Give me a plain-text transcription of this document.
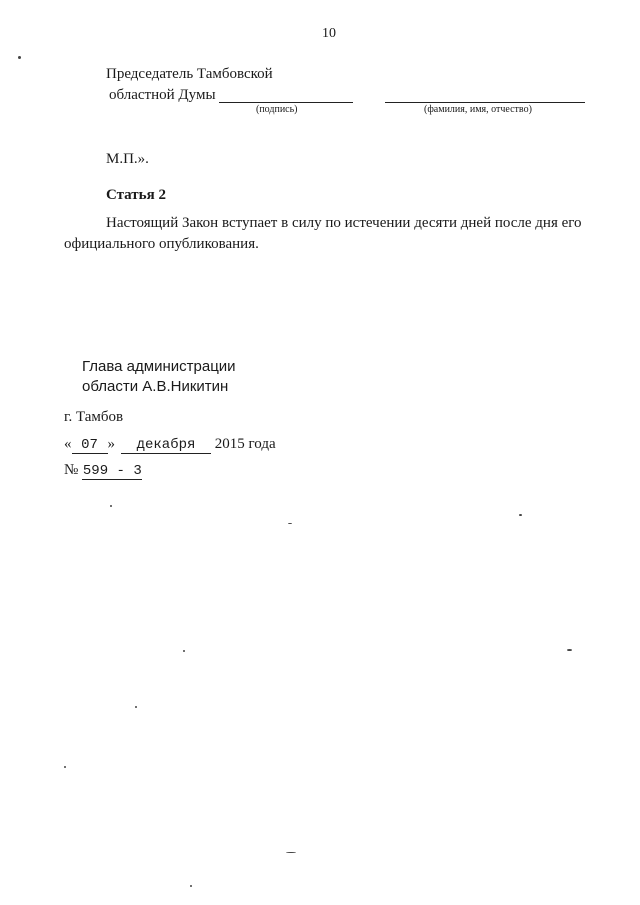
10
Председатель Тамбовской
областной Думы
(подпись)	(фамилия, имя, отчество)
М.П.».
Статья 2
Настоящий Закон вступает в силу по истечении десяти дней после дня его официального опубликования.
Глава администрации
области А.В.Никитин
г. Тамбов
« 07 » декабря 2015 года
№ 599 - 3
